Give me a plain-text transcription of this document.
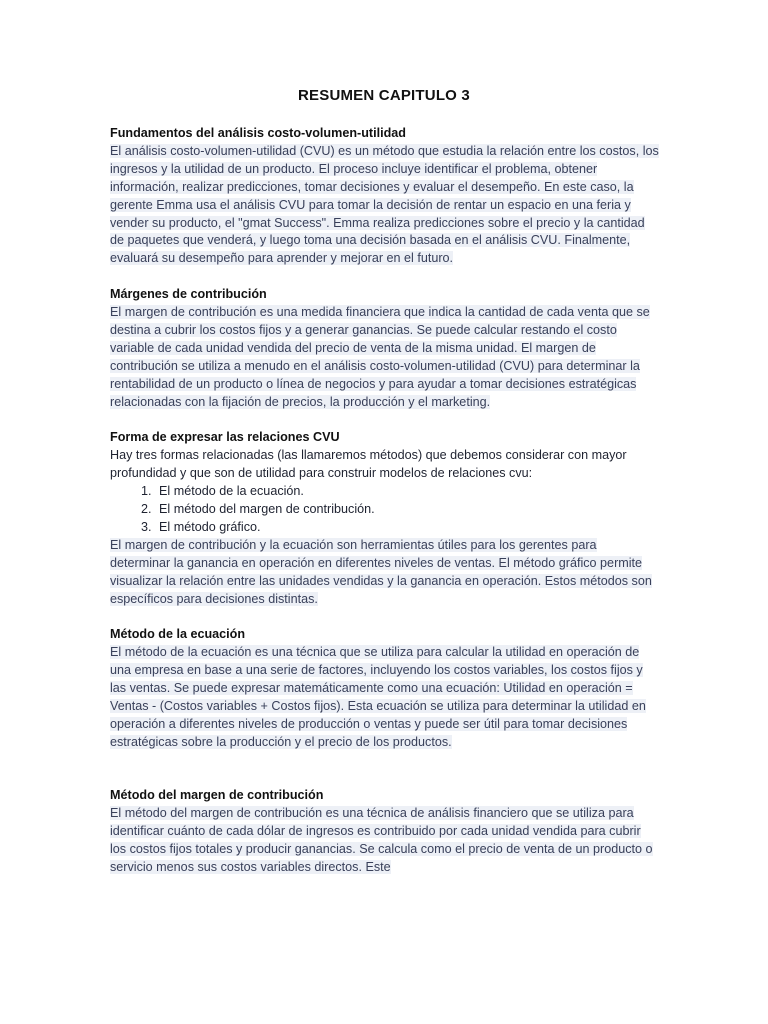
RESUMEN CAPITULO 3
Fundamentos del análisis costo-volumen-utilidad
El análisis costo-volumen-utilidad (CVU) es un método que estudia la relación entre los costos, los ingresos y la utilidad de un producto. El proceso incluye identificar el problema, obtener información, realizar predicciones, tomar decisiones y evaluar el desempeño. En este caso, la gerente Emma usa el análisis CVU para tomar la decisión de rentar un espacio en una feria y vender su producto, el "gmat Success". Emma realiza predicciones sobre el precio y la cantidad de paquetes que venderá, y luego toma una decisión basada en el análisis CVU. Finalmente, evaluará su desempeño para aprender y mejorar en el futuro.
Márgenes de contribución
El margen de contribución es una medida financiera que indica la cantidad de cada venta que se destina a cubrir los costos fijos y a generar ganancias. Se puede calcular restando el costo variable de cada unidad vendida del precio de venta de la misma unidad. El margen de contribución se utiliza a menudo en el análisis costo-volumen-utilidad (CVU) para determinar la rentabilidad de un producto o línea de negocios y para ayudar a tomar decisiones estratégicas relacionadas con la fijación de precios, la producción y el marketing.
Forma de expresar las relaciones CVU
Hay tres formas relacionadas (las llamaremos métodos) que debemos considerar con mayor profundidad y que son de utilidad para construir modelos de relaciones cvu:
1. El método de la ecuación.
2. El método del margen de contribución.
3. El método gráfico.
El margen de contribución y la ecuación son herramientas útiles para los gerentes para determinar la ganancia en operación en diferentes niveles de ventas. El método gráfico permite visualizar la relación entre las unidades vendidas y la ganancia en operación. Estos métodos son específicos para decisiones distintas.
Método de la ecuación
El método de la ecuación es una técnica que se utiliza para calcular la utilidad en operación de una empresa en base a una serie de factores, incluyendo los costos variables, los costos fijos y las ventas. Se puede expresar matemáticamente como una ecuación: Utilidad en operación = Ventas - (Costos variables + Costos fijos). Esta ecuación se utiliza para determinar la utilidad en operación a diferentes niveles de producción o ventas y puede ser útil para tomar decisiones estratégicas sobre la producción y el precio de los productos.
Método del margen de contribución
El método del margen de contribución es una técnica de análisis financiero que se utiliza para identificar cuánto de cada dólar de ingresos es contribuido por cada unidad vendida para cubrir los costos fijos totales y producir ganancias. Se calcula como el precio de venta de un producto o servicio menos sus costos variables directos. Este
